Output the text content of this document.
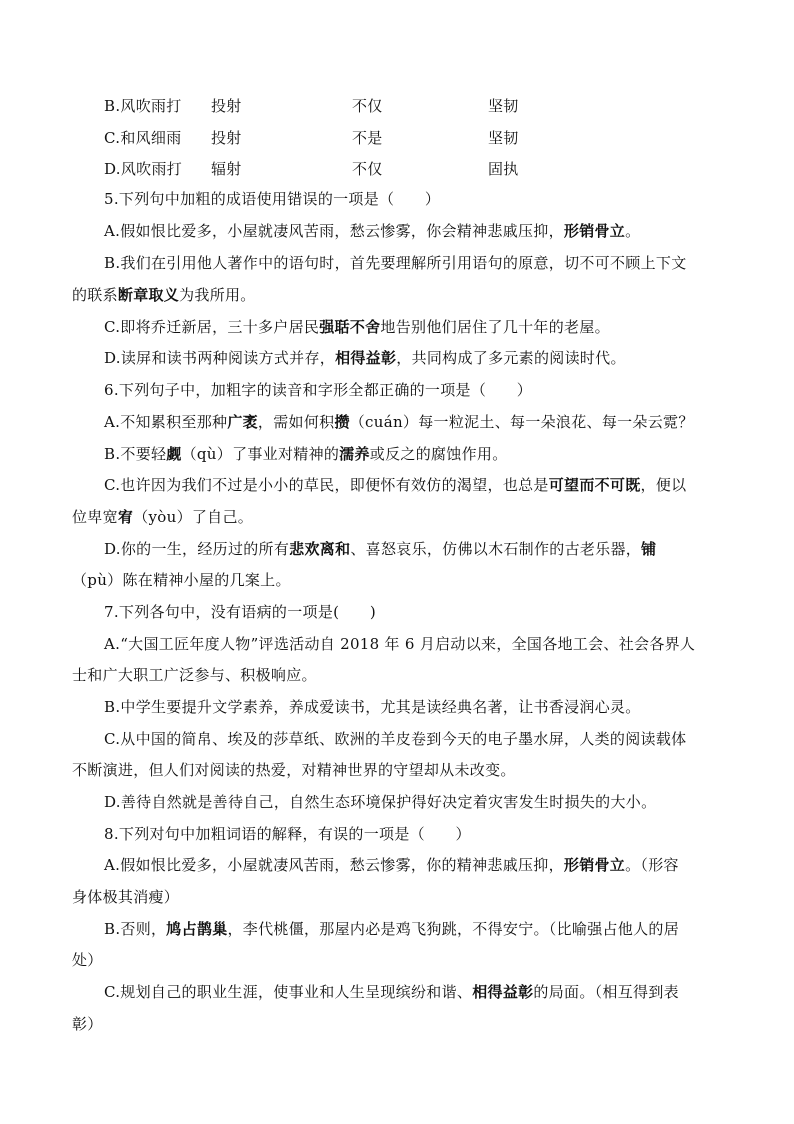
B.风吹雨打 投射	不仅	坚韧
C.和风细雨 投射	不是	坚韧
D.风吹雨打 辐射	不仅	固执
5.下列句中加粗的成语使用错误的一项是（　　）
A.假如恨比爱多，小屋就凄风苦雨，愁云惨雾，你会精神悲戚压抑，形销骨立。
B.我们在引用他人著作中的语句时，首先要理解所引用语句的原意，切不可不顾上下文
的联系断章取义为我所用。
C.即将乔迁新居，三十多户居民强聒不舍地告别他们居住了几十年的老屋。
D.读屏和读书两种阅读方式并存，相得益彰，共同构成了多元素的阅读时代。
6.下列句子中，加粗字的读音和字形全都正确的一项是（　　）
A.不知累积至那种广袤，需如何积攒（cuán）每一粒泥土、每一朵浪花、每一朵云霓？
B.不要轻觑（qù）了事业对精神的濡养或反之的腐蚀作用。
C.也许因为我们不过是小小的草民，即便怀有效仿的渴望，也总是可望而不可既，便以
位卑宽宥（yòu）了自己。
D.你的一生，经历过的所有悲欢离和、喜怒哀乐，仿佛以木石制作的古老乐器，铺
（pù）陈在精神小屋的几案上。
7.下列各句中，没有语病的一项是(　　)
A.“大国工匠年度人物”评选活动自 2018 年 6 月启动以来，全国各地工会、社会各界人
士和广大职工广泛参与、积极响应。
B.中学生要提升文学素养，养成爱读书，尤其是读经典名著，让书香浸润心灵。
C.从中国的简帛、埃及的莎草纸、欧洲的羊皮卷到今天的电子墨水屏，人类的阅读载体
不断演进，但人们对阅读的热爱，对精神世界的守望却从未改变。
D.善待自然就是善待自己，自然生态环境保护得好决定着灾害发生时损失的大小。
8.下列对句中加粗词语的解释，有误的一项是（　　）
A.假如恨比爱多，小屋就凄风苦雨，愁云惨雾，你的精神悲戚压抑，形销骨立。（形容
身体极其消瘦）
B.否则，鸠占鹊巢，李代桃僵，那屋内必是鸡飞狗跳，不得安宁。（比喻强占他人的居
处）
C.规划自己的职业生涯，使事业和人生呈现缤纷和谐、相得益彰的局面。（相互得到表
彰）
